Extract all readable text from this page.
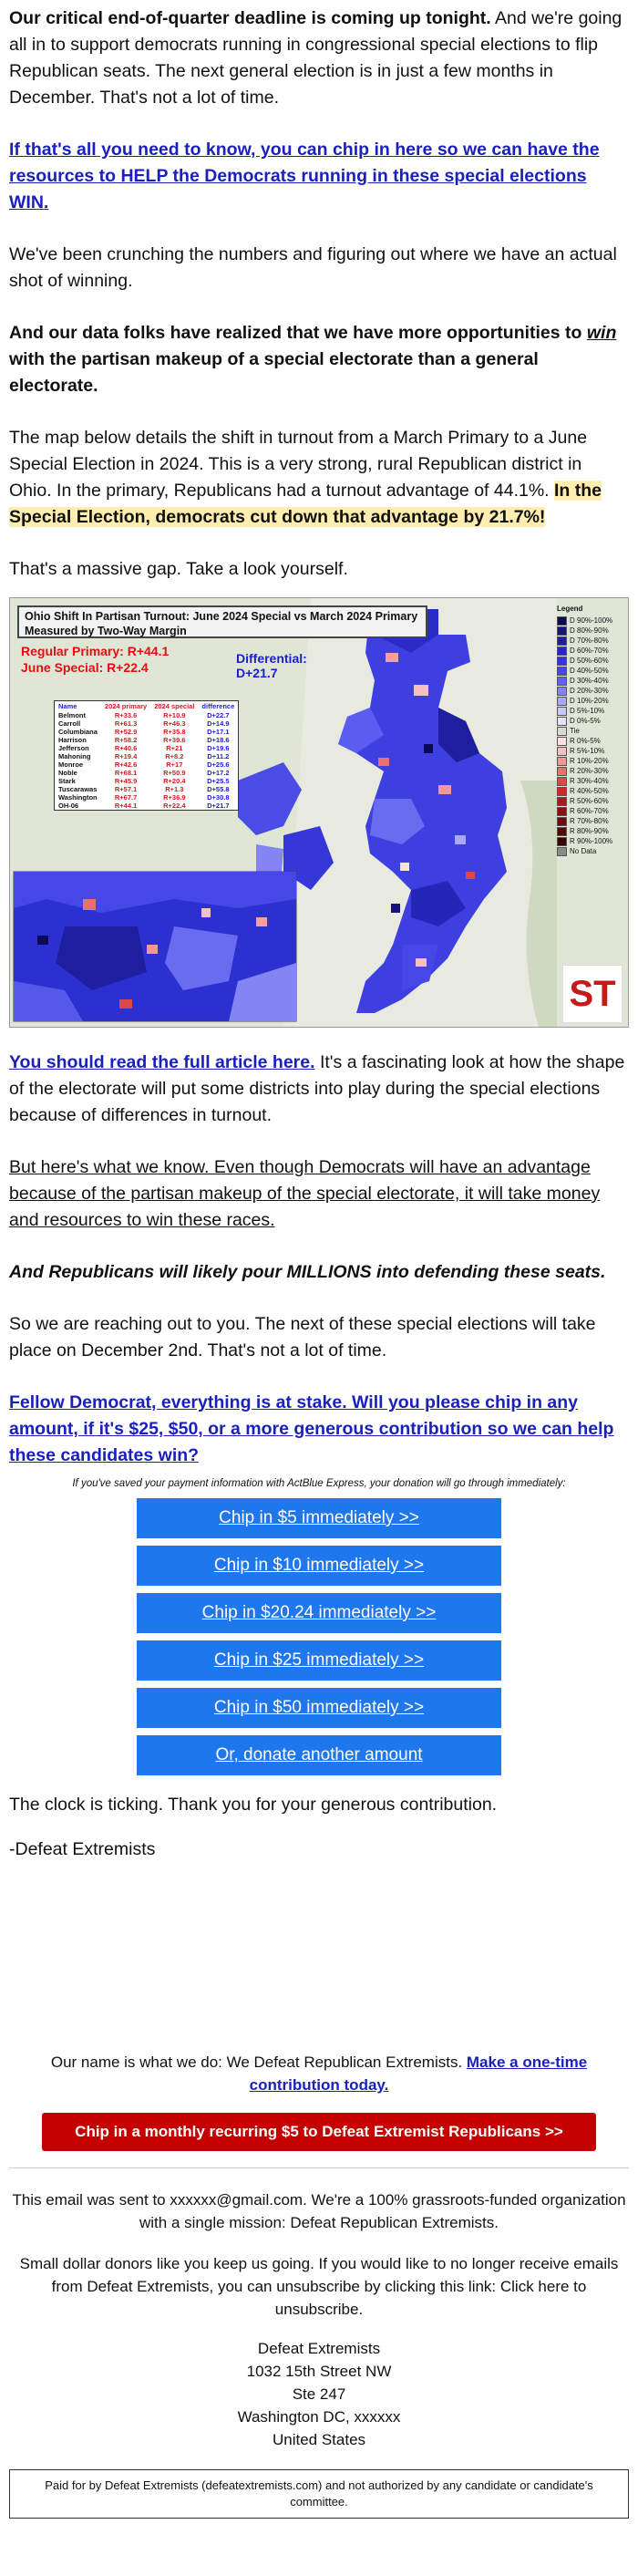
Our critical end-of-quarter deadline is coming up tonight. And we're going all in to support democrats running in congressional special elections to flip Republican seats. The next general election is in just a few months in December. That's not a lot of time.

If that's all you need to know, you can chip in here so we can have the resources to HELP the Democrats running in these special elections WIN.

We've been crunching the numbers and figuring out where we have an actual shot of winning.

And our data folks have realized that we have more opportunities to win with the partisan makeup of a special electorate than a general electorate.

The map below details the shift in turnout from a March Primary to a June Special Election in 2024. This is a very strong, rural Republican district in Ohio. In the primary, Republicans had a turnout advantage of 44.1%. In the Special Election, democrats cut down that advantage by 21.7%!

That's a massive gap. Take a look yourself.

Ohio Shift In Partisan Turnout: June 2024 Special vs March 2024 Primary
Measured by Two-Way Margin
Regular Primary: R+44.1
June Special: R+22.4
Differential:
D+21.7
Name	2024 primary	2024 special	difference
Belmont	R+33.6	R+10.9	D+22.7
Carroll	R+61.3	R+46.3	D+14.9
Columbiana	R+52.9	R+35.8	D+17.1
Harrison	R+58.2	R+39.6	D+18.6
Jefferson	R+40.6	R+21	D+19.6
Mahoning	R+19.4	R+8.2	D+11.2
Monroe	R+42.6	R+17	D+25.6
Noble	R+68.1	R+50.9	D+17.2
Stark	R+45.9	R+20.4	D+25.5
Tuscarawas	R+57.1	R+1.3	D+55.8
Washington	R+67.7	R+36.9	D+30.8
OH-06	R+44.1	R+22.4	D+21.7
Legend
D 90%-100%
D 80%-90%
D 70%-80%
D 60%-70%
D 50%-60%
D 40%-50%
D 30%-40%
D 20%-30%
D 10%-20%
D 5%-10%
D 0%-5%
Tie
R 0%-5%
R 5%-10%
R 10%-20%
R 20%-30%
R 30%-40%
R 40%-50%
R 50%-60%
R 60%-70%
R 70%-80%
R 80%-90%
R 90%-100%
No Data
ST

You should read the full article here. It's a fascinating look at how the shape of the electorate will put some districts into play during the special elections because of differences in turnout.

But here's what we know. Even though Democrats will have an advantage because of the partisan makeup of the special electorate, it will take money and resources to win these races.

And Republicans will likely pour MILLIONS into defending these seats.

So we are reaching out to you. The next of these special elections will take place on December 2nd. That's not a lot of time.

Fellow Democrat, everything is at stake. Will you please chip in any amount, if it's $25, $50, or a more generous contribution so we can help these candidates win?

If you've saved your payment information with ActBlue Express, your donation will go through immediately:
Chip in $5 immediately >>
Chip in $10 immediately >>
Chip in $20.24 immediately >>
Chip in $25 immediately >>
Chip in $50 immediately >>
Or, donate another amount

The clock is ticking. Thank you for your generous contribution.

-Defeat Extremists

Our name is what we do: We Defeat Republican Extremists. Make a one-time contribution today.
Chip in a monthly recurring $5 to Defeat Extremist Republicans >>
This email was sent to xxxxxx@gmail.com. We're a 100% grassroots-funded organization with a single mission: Defeat Republican Extremists.
Small dollar donors like you keep us going. If you would like to no longer receive emails from Defeat Extremists, you can unsubscribe by clicking this link: Click here to unsubscribe.
Defeat Extremists
1032 15th Street NW
Ste 247
Washington DC, xxxxxx
United States
Paid for by Defeat Extremists (defeatextremists.com) and not authorized by any candidate or candidate's committee.
